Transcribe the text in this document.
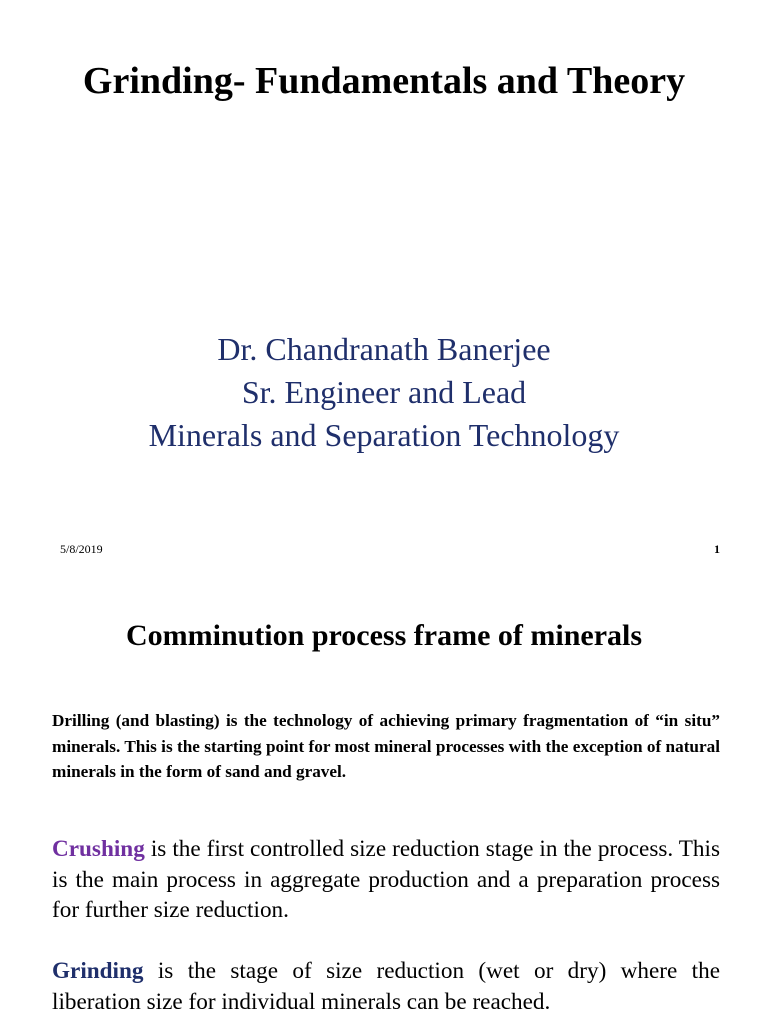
Grinding- Fundamentals and Theory
Dr. Chandranath Banerjee
Sr. Engineer and Lead
Minerals and Separation Technology
5/8/2019	1
Comminution process frame of minerals

Drilling (and blasting) is the technology of achieving primary fragmentation of “in situ” minerals. This is the starting point for most mineral processes with the exception of natural minerals in the form of sand and gravel.

Crushing is the first controlled size reduction stage in the process. This is the main process in aggregate production and a preparation process for further size reduction.

Grinding is the stage of size reduction (wet or dry) where the liberation size for individual minerals can be reached.
